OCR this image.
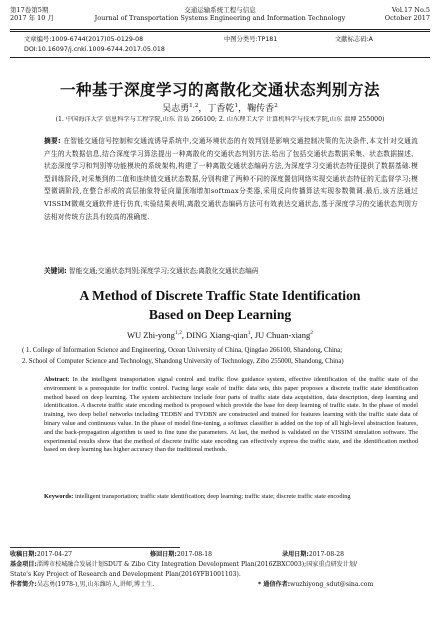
第17卷第5期
2017 年 10 月
交通运输系统工程与信息
Journal of Transportation Systems Engineering and Information Technology
Vol.17 No.5
October 2017
文章编号:1009-6744(2017)05-0129-08	中图分类号:TP181	文献标志码:A
DOI:10.16097/j.cnki.1009-6744.2017.05.018
一种基于深度学习的离散化交通状态判别方法
吴志勇$^{1,2}$，丁香乾$^1$，鞠传香$^2$
(1. 中国海洋大学 信息科学与工程学院,山东 青岛 266100; 2. 山东理工大学 计算机科学与技术学院,山东 淄博 255000)
摘要: 在智能交通信号控制和交通流诱导系统中,交通环境状态的有效判别是影响交通控制决策的先决条件,本文针对交通流产生的大数据信息,结合深度学习算法提出一种离散化的交通状态判别方法.给出了包括交通状态数据采集、状态数据描述、状态深度学习和判别等功能模块的系统架构,构建了一种离散交通状态编码方法,为深度学习交通状态特征提供了数据基础.模型训练阶段,对采集到的二值和连续值交通状态数据,分别构建了两种不同的深度置信网络实现交通状态特征的无监督学习;模型微调阶段,在整合形成的高层抽象特征向量顶端增加softmax分类器,采用反向传播算法实现参数微调.最后,该方法通过VISSIM微观交通软件进行仿真,实验结果表明,离散交通状态编码方法可有效表达交通状态,基于深度学习的交通状态判别方法相对传统方法具有较高的准确度.
关键词: 智能交通;交通状态判别;深度学习;交通状态;离散化交通状态编码
A Method of Discrete Traffic State Identification
Based on Deep Learning
WU Zhi-yong$^{1,2}$, DING Xiang-qian$^1$, JU Chuan-xiang$^2$
( 1. College of Information Science and Engineering, Ocean University of China, Qingdao 266100, Shandong, China;
2. School of Computer Science and Technology, Shandong University of Technology, Zibo 255000, Shandong, China)
Abstract: In the intelligent transportation signal control and traffic flow guidance system, effective identification of the traffic state of the environment is a prerequisite for traffic control. Facing large scale of traffic data sets, this paper proposes a discrete traffic state identification method based on deep learning. The system architecture include four parts of traffic state data acquisition, data description, deep learning and identification. A discrete traffic state encoding method is proposed which provide the base for deep learning of traffic state. In the phase of model training, two deep belief networks including TEDBN and TVDBN are constructed and trained for features learning with the traffic state data of binary value and continuous value. In the phase of model fine-tuning, a softmax classifier is added on the top of all high-level abstraction features, and the back-propagation algorithm is used to fine tune the parameters. At last, the method is validated on the VISSIM simulation software. The experimental results show that the method of discrete traffic state encoding can effectively express the traffic state, and the identification method based on deep learning has higher accuracy than the traditional methods.
Keywords: intelligent transportation; traffic state identification; deep learning; traffic state; discrete traffic state encoding
收稿日期:2017-04-27	修回日期:2017-08-18	录用日期:2017-08-28
基金项目:淄博市校城融合发展计划SDUT & Zibo City Integration Development Plan(2016ZBXC003);国家重点研发计划/
State's Key Project of Research and Development Plan(2016YFB1001103).
作者简介:吴志勇(1978-),男,山东潍坊人,讲师,博士生.	* 通信作者:wuzhiyong_sdut@sina.com
